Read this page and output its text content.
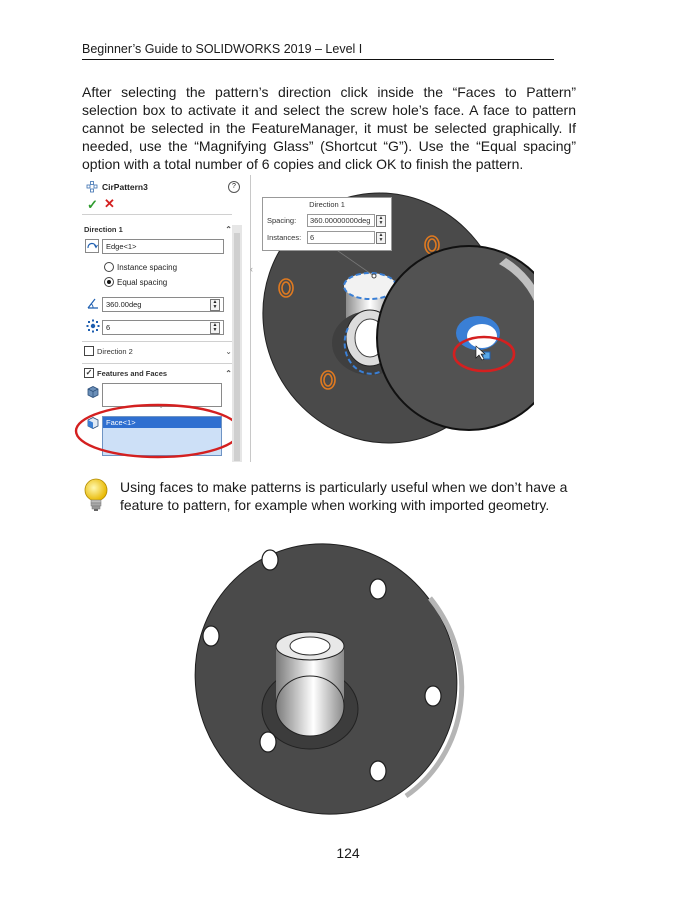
Beginner’s Guide to SOLIDWORKS 2019 – Level I
After selecting the pattern’s direction click inside the “Faces to Pattern” selection box to activate it and select the screw hole’s face. A face to pattern cannot be selected in the FeatureManager, it must be selected graphically. If needed, use the “Magnifying Glass” (Shortcut “G”). Use the “Equal spacing” option with a total number of 6 copies and click OK to finish the pattern.
CirPattern3	?
✓ ✕
Direction 1	⌃
Edge<1>
Instance spacing
Equal spacing
360.00deg	▲
▼
6	▲
▼
Direction 2	⌄
✓ Features and Faces	⌃
⌄
Face<1>
⌄
‹
Direction 1
Spacing:	360.00000000deg	▲
▼
Instances:	6	▲
▼
Using faces to make patterns is particularly useful when we don’t have a feature to pattern, for example when working with imported geometry.
124
